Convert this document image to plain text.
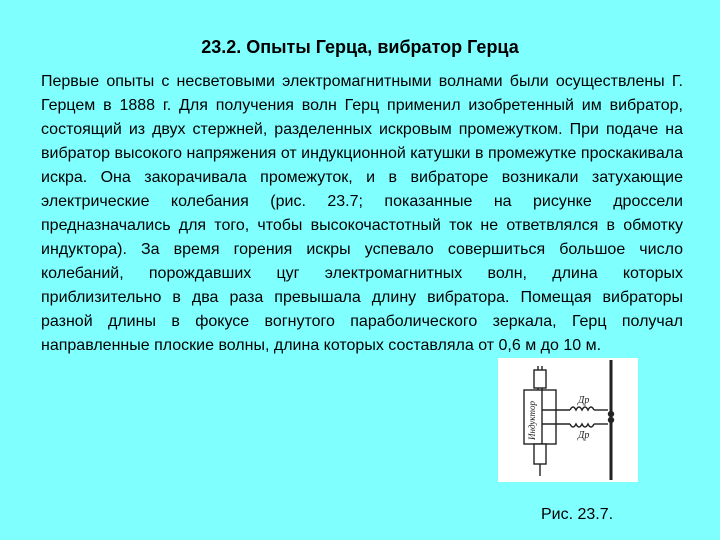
23.2. Опыты Герца, вибратор Герца

Первые опыты с несветовыми электромагнитными волнами были осуществлены Г. Герцем в 1888 г. Для получения волн Герц применил изобретенный им вибратор, состоящий из двух стержней, разделенных искровым промежутком. При подаче на вибратор высокого напряжения от индукционной катушки в промежутке проскакивала искра. Она закорачивала промежуток, и в вибраторе возникали затухающие электрические колебания (рис. 23.7; показанные на рисунке дроссели предназначались для того, чтобы высокочастотный ток не ответвлялся в обмотку индуктора). За время горения искры успевало совершиться большое число колебаний, порождавших цуг электромагнитных волн, длина которых приблизительно в два раза превышала длину вибратора. Помещая вибраторы разной длины в фокусе вогнутого параболического зеркала, Герц получал направленные плоские волны, длина которых составляла от 0,6 м до 10 м.

Индуктор
Др
Др
Рис. 23.7.
